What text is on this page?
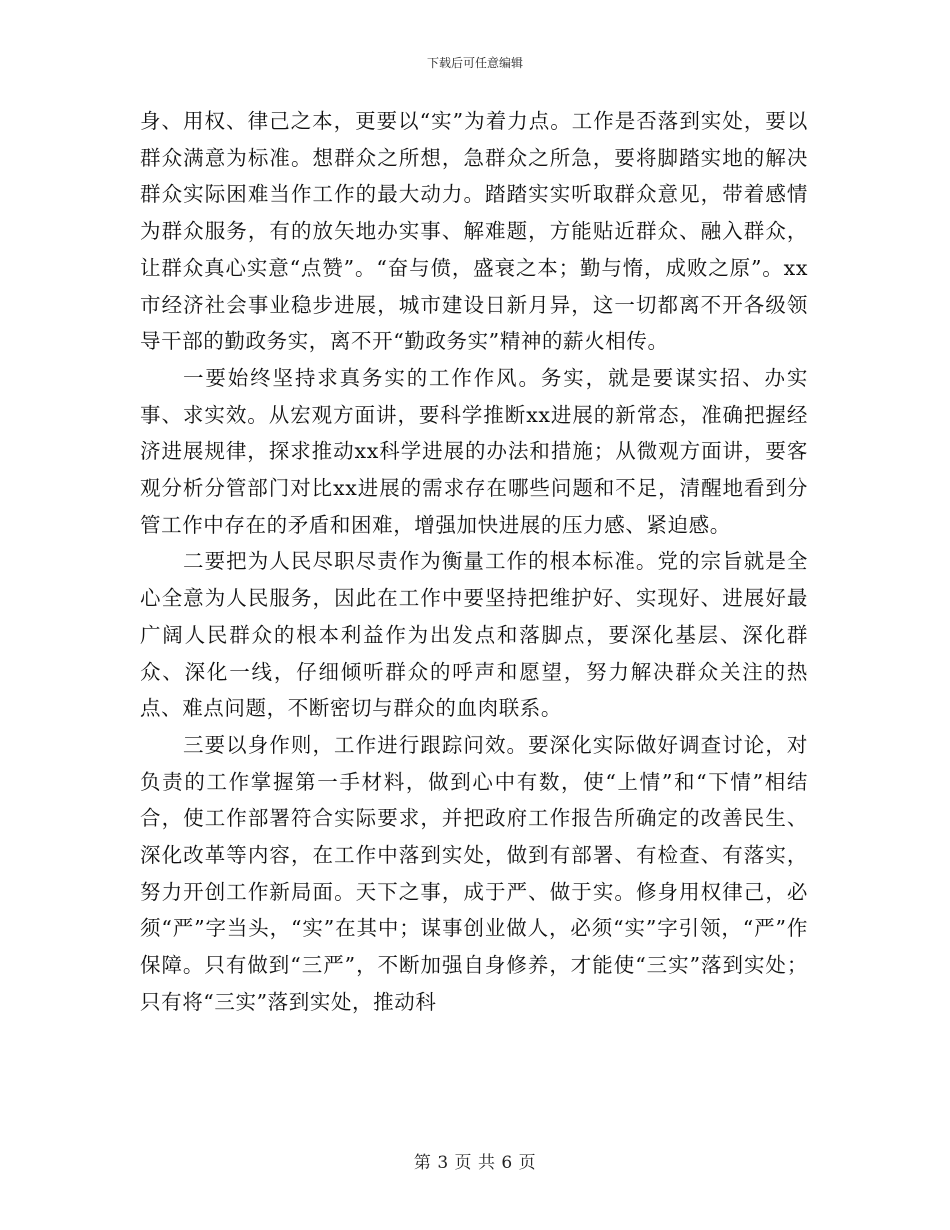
下载后可任意编辑

身、用权、律己之本，更要以“实”为着力点。工作是否落到实处，要以群众满意为标准。想群众之所想，急群众之所急，要将脚踏实地的解决群众实际困难当作工作的最大动力。踏踏实实听取群众意见，带着感情为群众服务，有的放矢地办实事、解难题，方能贴近群众、融入群众，让群众真心实意“点赞”。“奋与偾，盛衰之本；勤与惰，成败之原”。xx市经济社会事业稳步进展，城市建设日新月异，这一切都离不开各级领导干部的勤政务实，离不开“勤政务实”精神的薪火相传。

一要始终坚持求真务实的工作作风。务实，就是要谋实招、办实事、求实效。从宏观方面讲，要科学推断xx进展的新常态，准确把握经济进展规律，探求推动xx科学进展的办法和措施；从微观方面讲，要客观分析分管部门对比xx进展的需求存在哪些问题和不足，清醒地看到分管工作中存在的矛盾和困难，增强加快进展的压力感、紧迫感。

二要把为人民尽职尽责作为衡量工作的根本标准。党的宗旨就是全心全意为人民服务，因此在工作中要坚持把维护好、实现好、进展好最广阔人民群众的根本利益作为出发点和落脚点，要深化基层、深化群众、深化一线，仔细倾听群众的呼声和愿望，努力解决群众关注的热点、难点问题，不断密切与群众的血肉联系。

三要以身作则，工作进行跟踪问效。要深化实际做好调查讨论，对负责的工作掌握第一手材料，做到心中有数，使“上情”和“下情”相结合，使工作部署符合实际要求，并把政府工作报告所确定的改善民生、深化改革等内容，在工作中落到实处，做到有部署、有检查、有落实，努力开创工作新局面。天下之事，成于严、做于实。修身用权律己，必须“严”字当头，“实”在其中；谋事创业做人，必须“实”字引领，“严”作保障。只有做到“三严”，不断加强自身修养，才能使“三实”落到实处；只有将“三实”落到实处，推动科

第 3 页 共 6 页
